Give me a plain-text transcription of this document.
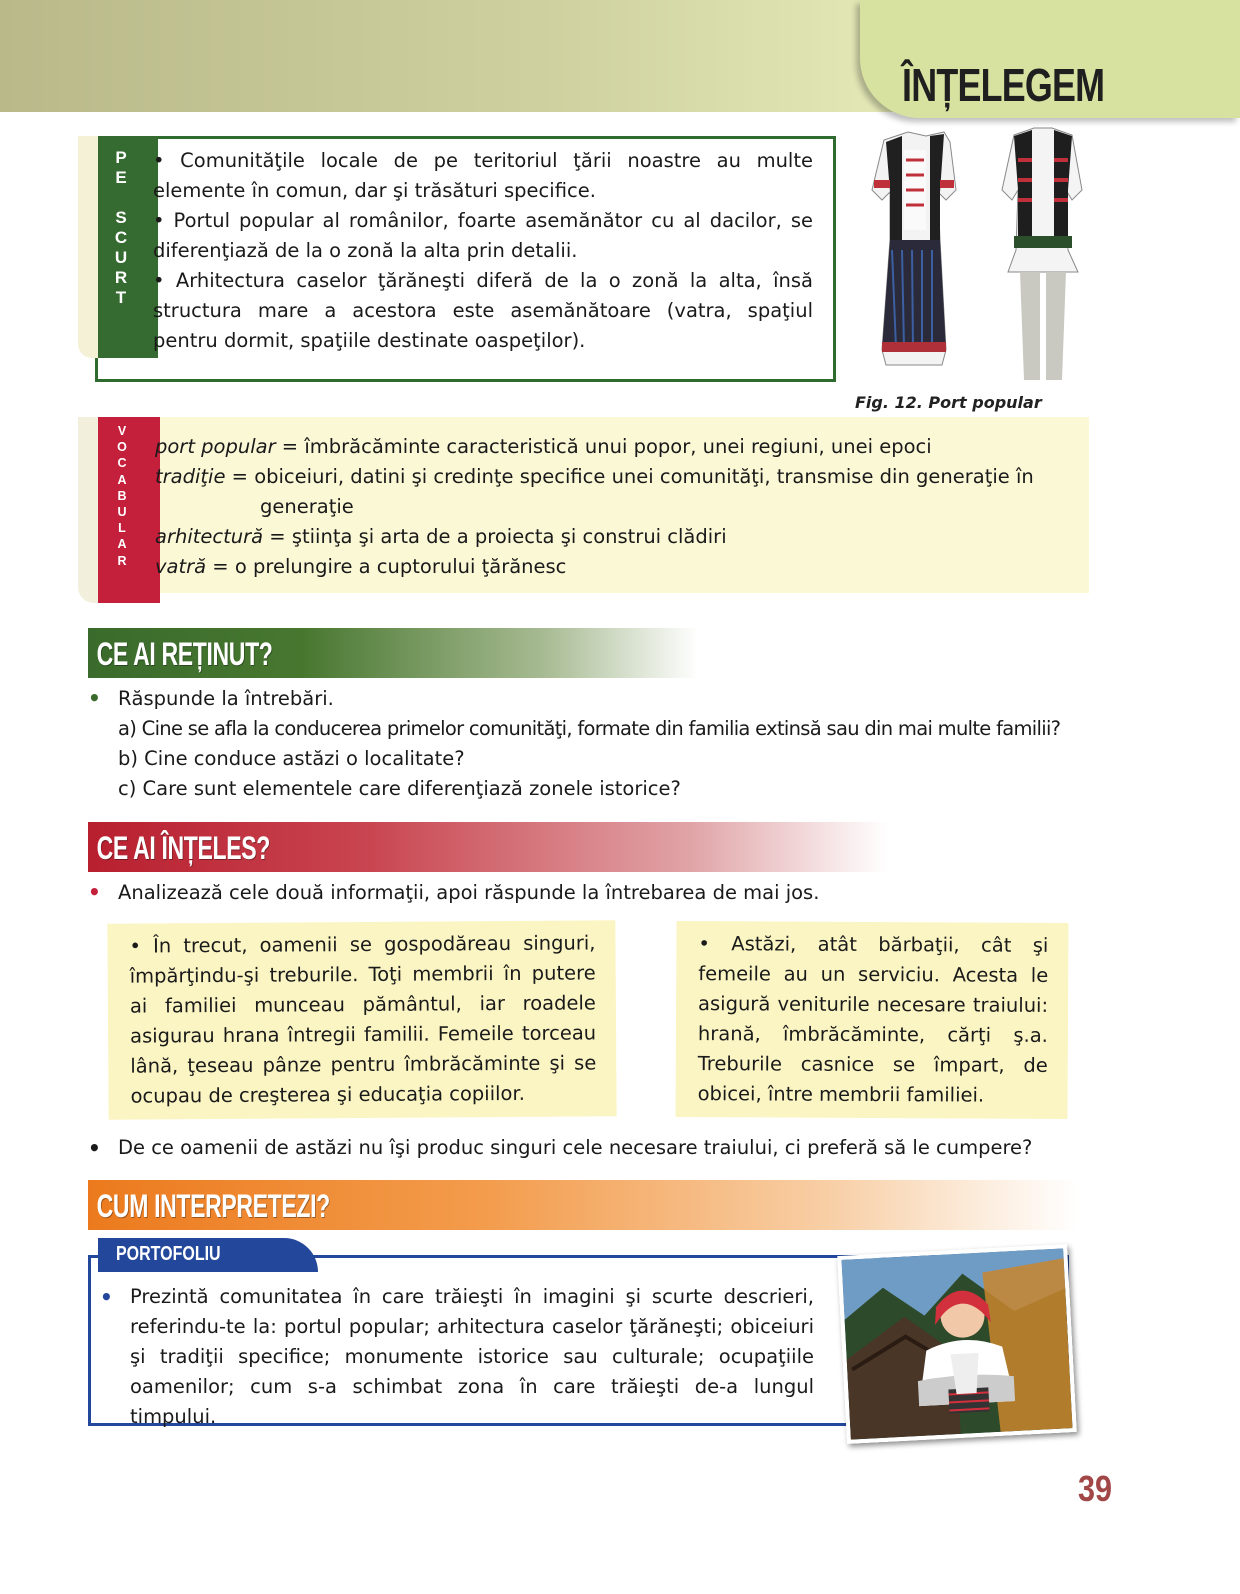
ÎNȚELEGEM
P
E

S
C
U
R
T

• Comunităţile locale de pe teritoriul ţării noastre au multe elemente în comun, dar şi trăsături specifice.

• Portul popular al românilor, foarte asemănător cu al dacilor, se diferenţiază de la o zonă la alta prin detalii.

• Arhitectura caselor ţărăneşti diferă de la o zonă la alta, însă structura mare a acestora este asemănătoare (vatra, spaţiul pentru dormit, spaţiile destinate oaspeţilor).

Fig. 12. Port popular
V
O
C
A
B
U
L
A
R

port popular = îmbrăcăminte caracteristică unui popor, unei regiuni, unei epoci

tradiţie = obiceiuri, datini şi credinţe specifice unei comunităţi, transmise din generaţie în

generaţie

arhitectură = ştiinţa şi arta de a proiecta şi construi clădiri

vatră = o prelungire a cuptorului ţărănesc

CE AI REȚINUT?
• Răspunde la întrebări.

a) Cine se afla la conducerea primelor comunităţi, formate din familia extinsă sau din mai multe familii?

b) Cine conduce astăzi o localitate?

c) Care sunt elementele care diferenţiază zonele istorice?

CE AI ÎNȚELES?
• Analizează cele două informaţii, apoi răspunde la întrebarea de mai jos.

• În trecut, oamenii se gospodăreau singuri, împărţindu-şi treburile. Toţi membrii în putere ai familiei munceau pământul, iar roadele asigurau hrana întregii familii. Femeile torceau lână, ţeseau pânze pentru îmbrăcăminte şi se ocupau de creşterea şi educaţia copiilor.

• Astăzi, atât bărbaţii, cât şi femeile au un serviciu. Acesta le asigură veniturile necesare traiului: hrană, îmbrăcăminte, cărţi ş.a. Treburile casnice se împart, de obicei, între membrii familiei.

• De ce oamenii de astăzi nu îşi produc singuri cele necesare traiului, ci preferă să le cumpere?

CUM INTERPRETEZI?
PORTOFOLIU
• Prezintă comunitatea în care trăieşti în imagini şi scurte descrieri, referindu-te la: portul popular; arhitectura caselor ţărăneşti; obiceiuri şi tradiţii specifice; monumente istorice sau culturale; ocupaţiile oamenilor; cum s-a schimbat zona în care trăieşti de-a lungul timpului.

39
